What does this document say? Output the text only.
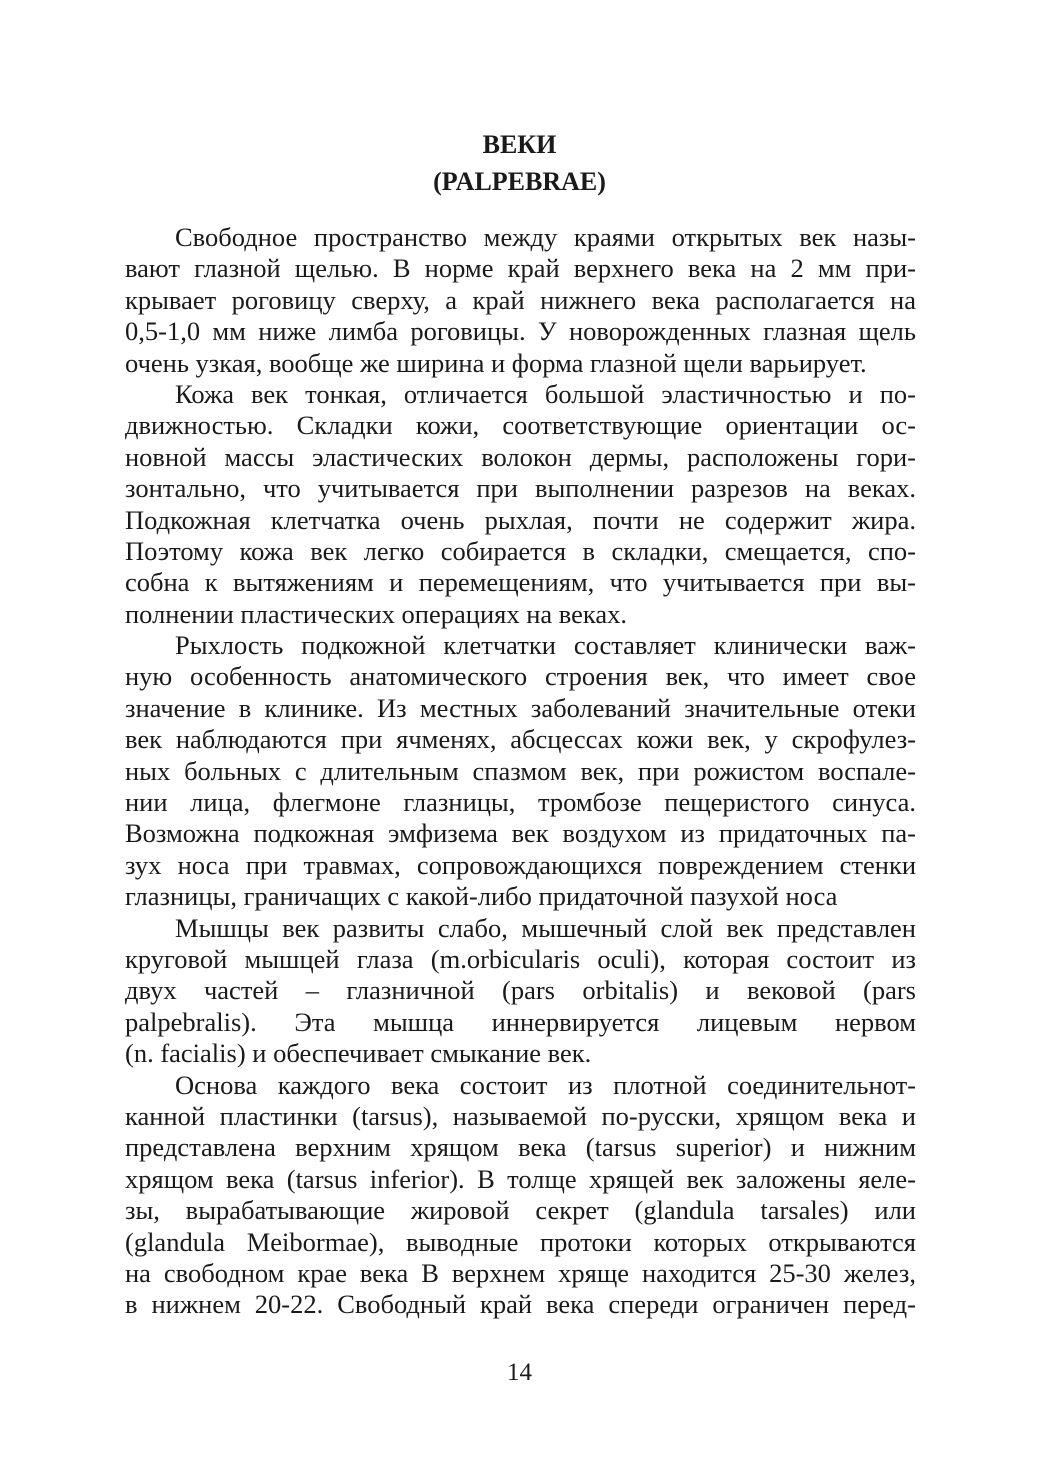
ВЕКИ
(PALPEBRAE)
Свободное пространство между краями открытых век назы-
вают глазной щелью. В норме край верхнего века на 2 мм при-
крывает роговицу сверху, а край нижнего века располагается на
0,5-1,0 мм ниже лимба роговицы. У новорожденных глазная щель
очень узкая, вообще же ширина и форма глазной щели варьирует.
Кожа век тонкая, отличается большой эластичностью и по-
движностью. Складки кожи, соответствующие ориентации ос-
новной массы эластических волокон дермы, расположены гори-
зонтально, что учитывается при выполнении разрезов на веках.
Подкожная клетчатка очень рыхлая, почти не содержит жира.
Поэтому кожа век легко собирается в складки, смещается, спо-
собна к вытяжениям и перемещениям, что учитывается при вы-
полнении пластических операциях на веках.
Рыхлость подкожной клетчатки составляет клинически важ-
ную особенность анатомического строения век, что имеет свое
значение в клинике. Из местных заболеваний значительные отеки
век наблюдаются при ячменях, абсцессах кожи век, у скрофулез-
ных больных с длительным спазмом век, при рожистом воспале-
нии лица, флегмоне глазницы, тромбозе пещеристого синуса.
Возможна подкожная эмфизема век воздухом из придаточных па-
зух носа при травмах, сопровождающихся повреждением стенки
глазницы, граничащих с какой-либо придаточной пазухой носа
Мышцы век развиты слабо, мышечный слой век представлен
круговой мышцей глаза (m.orbicularis oculi), которая состоит из
двух частей – глазничной (pars orbitalis) и вековой (pars
palpebralis). Эта мышца иннервируется лицевым нервом
(n. facialis) и обеспечивает смыкание век.
Основа каждого века состоит из плотной соединительнот-
канной пластинки (tarsus), называемой по-русски, хрящом века и
представлена верхним хрящом века (tarsus superior) и нижним
хрящом века (tarsus inferior). В толще хрящей век заложены яеле-
зы, вырабатывающие жировой секрет (glandula tarsales) или
(glandula Meibormae), выводные протоки которых открываются
на свободном крае века В верхнем хряще находится 25-30 желез,
в нижнем 20-22. Свободный край века спереди ограничен перед-
14
